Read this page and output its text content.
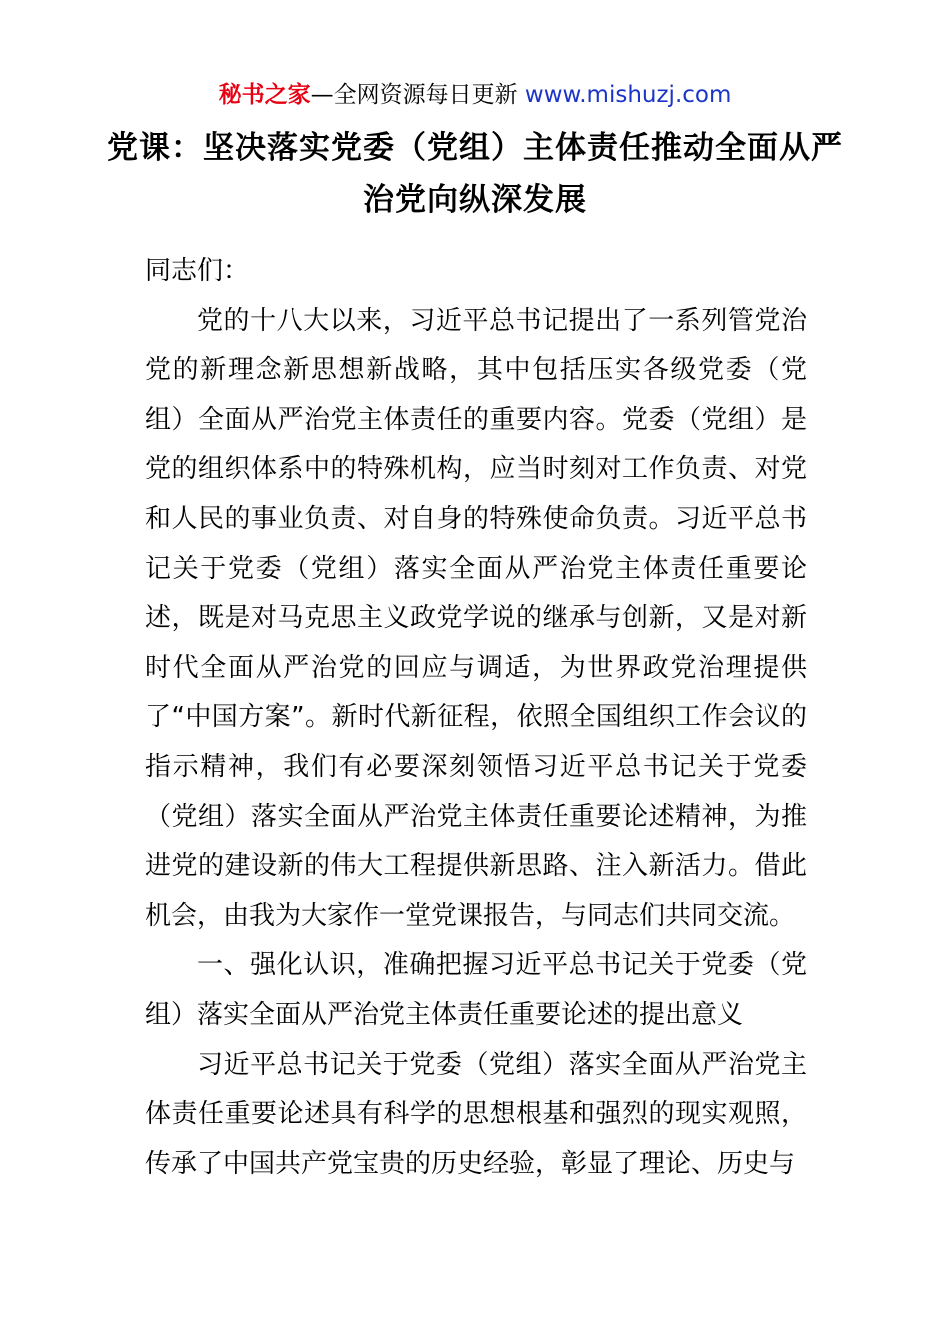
秘书之家—全网资源每日更新 www.mishuzj.com
党课：坚决落实党委（党组）主体责任推动全面从严治党向纵深发展

同志们：

党的十八大以来，习近平总书记提出了一系列管党治党的新理念新思想新战略，其中包括压实各级党委（党组）全面从严治党主体责任的重要内容。党委（党组）是党的组织体系中的特殊机构，应当时刻对工作负责、对党和人民的事业负责、对自身的特殊使命负责。习近平总书记关于党委（党组）落实全面从严治党主体责任重要论述，既是对马克思主义政党学说的继承与创新，又是对新时代全面从严治党的回应与调适，为世界政党治理提供了“中国方案”。新时代新征程，依照全国组织工作会议的指示精神，我们有必要深刻领悟习近平总书记关于党委（党组）落实全面从严治党主体责任重要论述精神，为推进党的建设新的伟大工程提供新思路、注入新活力。借此机会，由我为大家作一堂党课报告，与同志们共同交流。

一、强化认识，准确把握习近平总书记关于党委（党组）落实全面从严治党主体责任重要论述的提出意义

习近平总书记关于党委（党组）落实全面从严治党主体责任重要论述具有科学的思想根基和强烈的现实观照，传承了中国共产党宝贵的历史经验，彰显了理论、历史与
